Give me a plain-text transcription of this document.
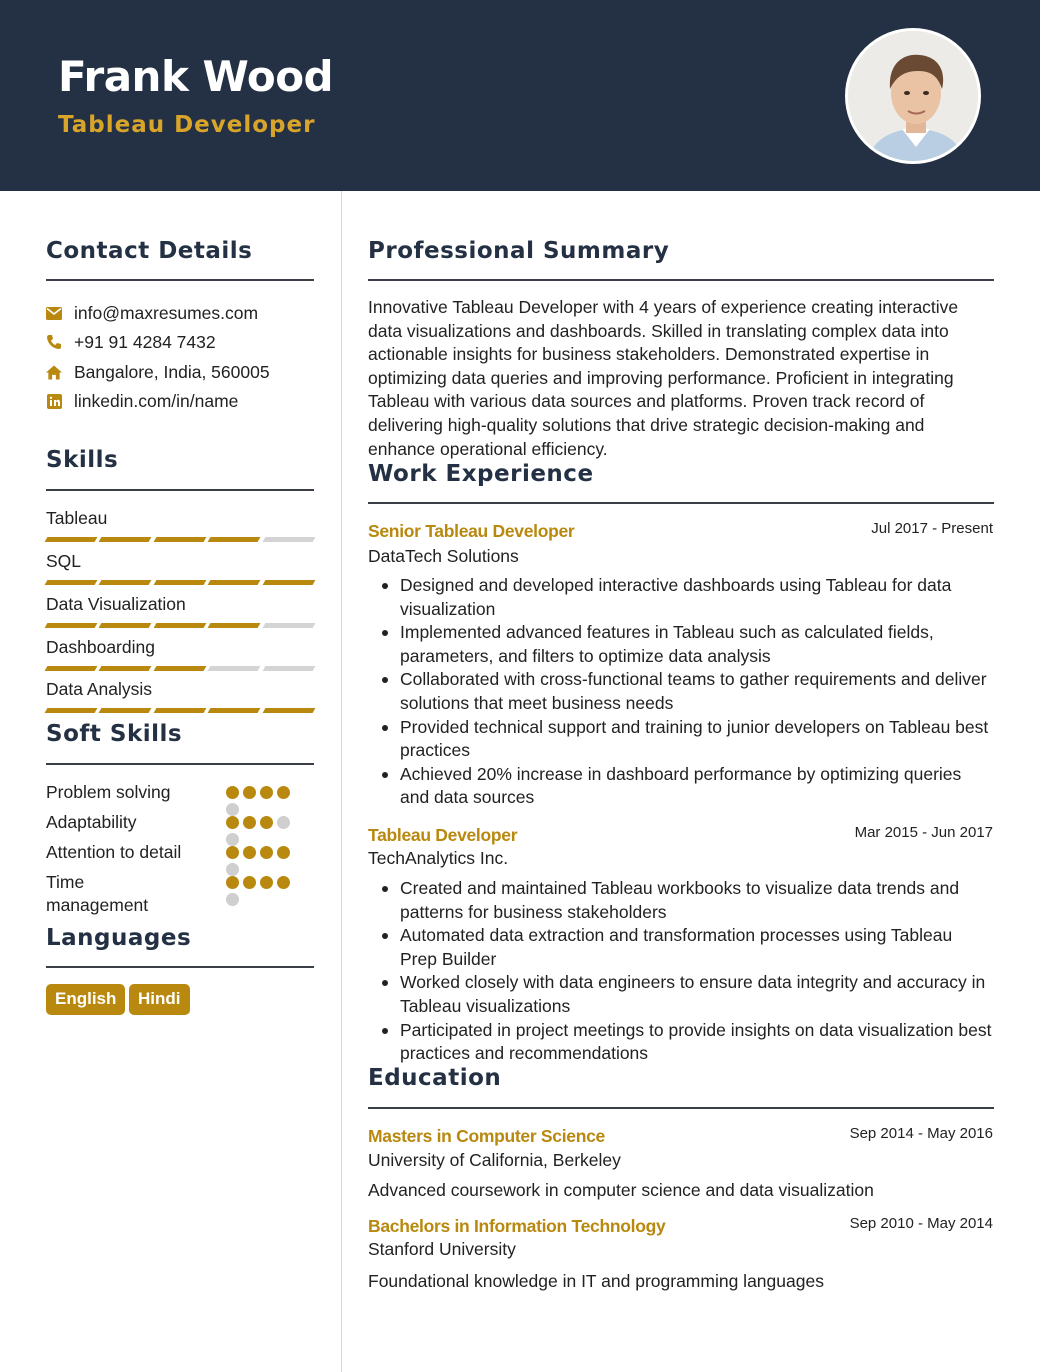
Frank Wood
Tableau Developer
Contact Details
info@maxresumes.com
+91 91 4284 7432
Bangalore, India, 560005
linkedin.com/in/name
Skills
Tableau
SQL
Data Visualization
Dashboarding
Data Analysis
Soft Skills
Problem solving
Adaptability
Attention to detail
Time management
Languages
English	Hindi
Professional Summary
Innovative Tableau Developer with 4 years of experience creating interactive data visualizations and dashboards. Skilled in translating complex data into actionable insights for business stakeholders. Demonstrated expertise in optimizing data queries and improving performance. Proficient in integrating Tableau with various data sources and platforms. Proven track record of delivering high-quality solutions that drive strategic decision-making and enhance operational efficiency.
Work Experience
Senior Tableau Developer	Jul 2017 - Present
DataTech Solutions
Designed and developed interactive dashboards using Tableau for data visualization
Implemented advanced features in Tableau such as calculated fields, parameters, and filters to optimize data analysis
Collaborated with cross-functional teams to gather requirements and deliver solutions that meet business needs
Provided technical support and training to junior developers on Tableau best practices
Achieved 20% increase in dashboard performance by optimizing queries and data sources
Tableau Developer	Mar 2015 - Jun 2017
TechAnalytics Inc.
Created and maintained Tableau workbooks to visualize data trends and patterns for business stakeholders
Automated data extraction and transformation processes using Tableau Prep Builder
Worked closely with data engineers to ensure data integrity and accuracy in Tableau visualizations
Participated in project meetings to provide insights on data visualization best practices and recommendations
Education
Masters in Computer Science	Sep 2014 - May 2016
University of California, Berkeley
Advanced coursework in computer science and data visualization
Bachelors in Information Technology	Sep 2010 - May 2014
Stanford University
Foundational knowledge in IT and programming languages
